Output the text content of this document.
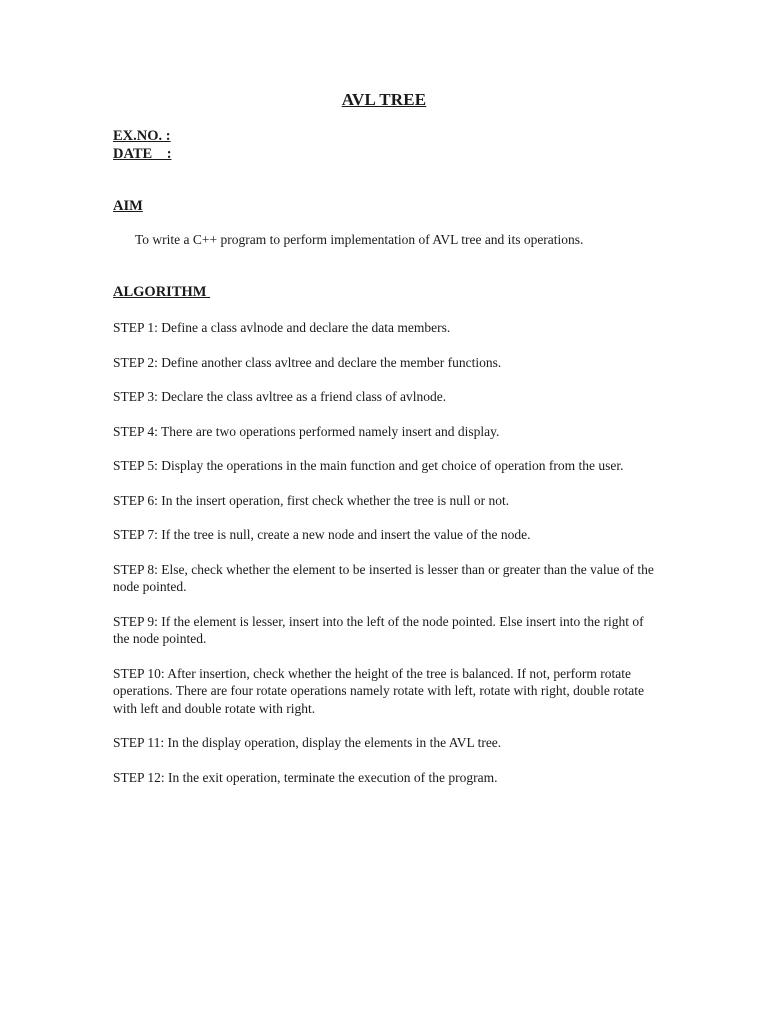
AVL TREE
EX.NO. :
DATE    :
AIM
To write a C++ program to perform implementation of AVL tree and its operations.
ALGORITHM

STEP 1: Define a class avlnode and declare the data members.

STEP 2: Define another class avltree and declare the member functions.

STEP 3: Declare the class avltree as a friend class of avlnode.

STEP 4: There are two operations performed namely insert and display.

STEP 5: Display the operations in the main function and get choice of operation from the user.

STEP 6: In the insert operation, first check whether the tree is null or not.

STEP 7: If the tree is null, create a new node and insert the value of the node.

STEP 8: Else, check whether the element to be inserted is lesser than or greater than the value of the node pointed.

STEP 9: If the element is lesser, insert into the left of the node pointed. Else insert into the right of the node pointed.

STEP 10: After insertion, check whether the height of the tree is balanced. If not, perform rotate operations. There are four rotate operations namely rotate with left, rotate with right, double rotate with left and double rotate with right.

STEP 11: In the display operation, display the elements in the AVL tree.

STEP 12: In the exit operation, terminate the execution of the program.
